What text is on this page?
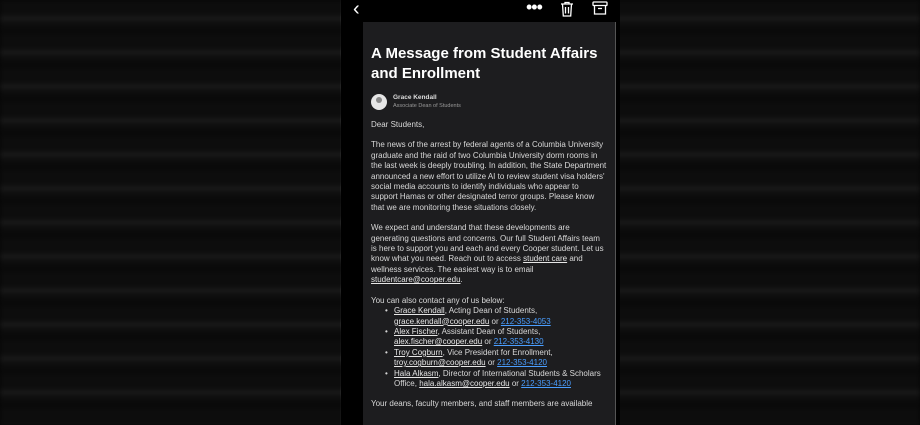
‹	•••
A Message from Student Affairs and Enrollment
Grace Kendall
Associate Dean of Students

Dear Students,

The news of the arrest by federal agents of a Columbia University graduate and the raid of two Columbia University dorm rooms in the last week is deeply troubling. In addition, the State Department announced a new effort to utilize AI to review student visa holders' social media accounts to identify individuals who appear to support Hamas or other designated terror groups. Please know that we are monitoring these situations closely.

We expect and understand that these developments are generating questions and concerns. Our full Student Affairs team is here to support you and each and every Cooper student. Let us know what you need. Reach out to access student care and wellness services. The easiest way is to email studentcare@cooper.edu.

You can also contact any of us below:
• Grace Kendall, Acting Dean of Students, grace.kendall@cooper.edu or 212-353-4053
• Alex Fischer, Assistant Dean of Students, alex.fischer@cooper.edu or 212-353-4130
• Troy Cogburn, Vice President for Enrollment, troy.cogburn@cooper.edu or 212-353-4120
• Hala Alkasm, Director of International Students & Scholars Office, hala.alkasm@cooper.edu or 212-353-4120

Your deans, faculty members, and staff members are available
